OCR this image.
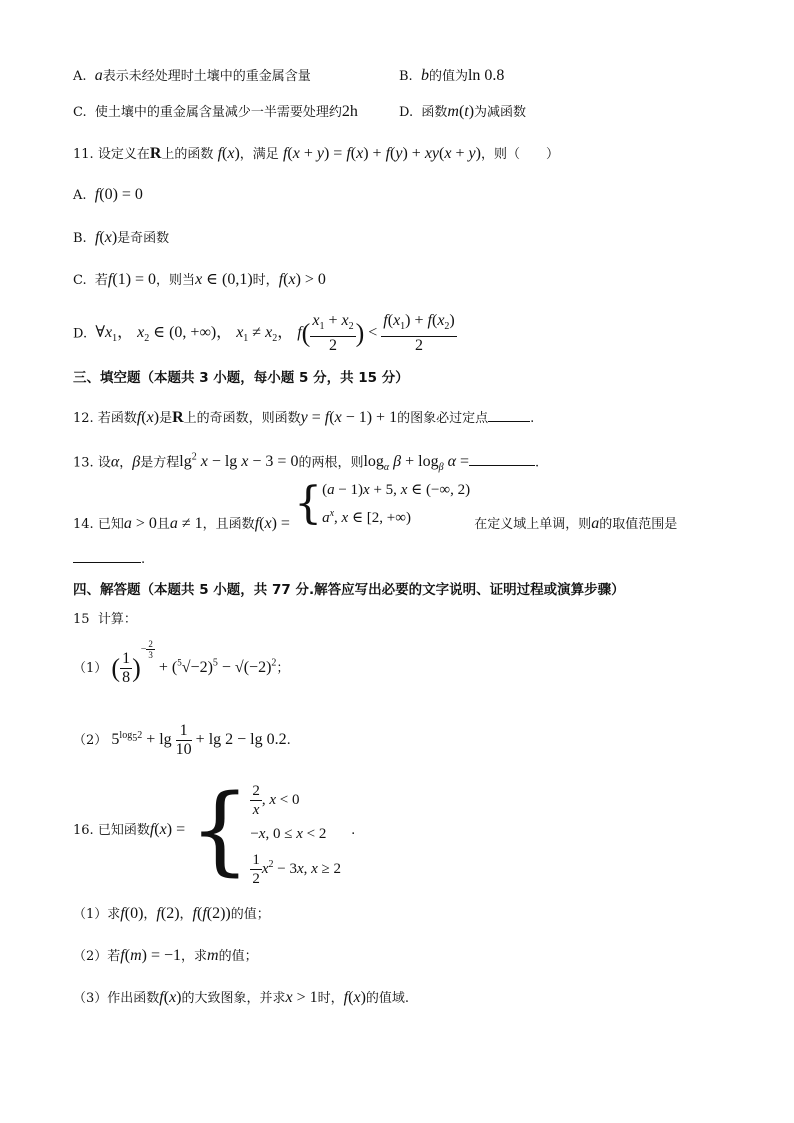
A. a表示未经处理时土壤中的重金属含量	B. b的值为ln 0.8
C. 使土壤中的重金属含量减少一半需要处理约2h	D. 函数m(t)为减函数
11. 设定义在R上的函数 f(x)，满足 f(x + y) = f(x) + f(y) + xy(x + y)，则（　　）
A. f(0) = 0
B. f(x)是奇函数
C. 若f(1) = 0，则当x ∈ (0,1)时，f(x) > 0
D. $\forall x_1$， $x_2$ ∈ (0, +∞)， $x_1 \ne x_2$， $f( \frac{x_1 + x_2}{2}$ ) < $\frac{f(x_1) + f(x_2)}{2}$
三、填空题（本题共 3 小题，每小题 5 分，共 15 分）
12. 若函数f(x)是R上的奇函数，则函数y = f(x − 1) + 1的图象必过定点	.
13. 设α，β是方程$\lg^2 x - \lg x - 3 = 0$的两根，则$\log_\alpha \beta + \log_\beta \alpha$ =	.
14. 已知a > 0且a ≠ 1，且函数f(x) = { (a − 1)x + 5, x ∈ (−∞, 2)
$a^x$, x ∈ [2, +∞)	在定义域上单调，则a的取值范围是
.
四、解答题（本题共 5 小题，共 77 分.解答应写出必要的文字说明、证明过程或演算步骤）
15 计算：
（1） ( $\frac{1}{8} )^{- \frac{2}{3}}$
+ $(^5√-2)^5 - √(-2)^2$；
（2） $5^{log_52} + \lg \frac{1}{10} + \lg 2 - \lg 0.2$.
16. 已知函数f(x) = { $\frac{2}{x}$ , x < 0
−x, 0 ≤ x < 2
$\frac{1}{2} x^2 - 3x$, x ≥ 2
.
（1）求f(0)，f(2)，f(f(2))的值；
（2）若f(m) = −1，求m的值；
（3）作出函数f(x)的大致图象，并求x > 1时，f(x)的值域.
